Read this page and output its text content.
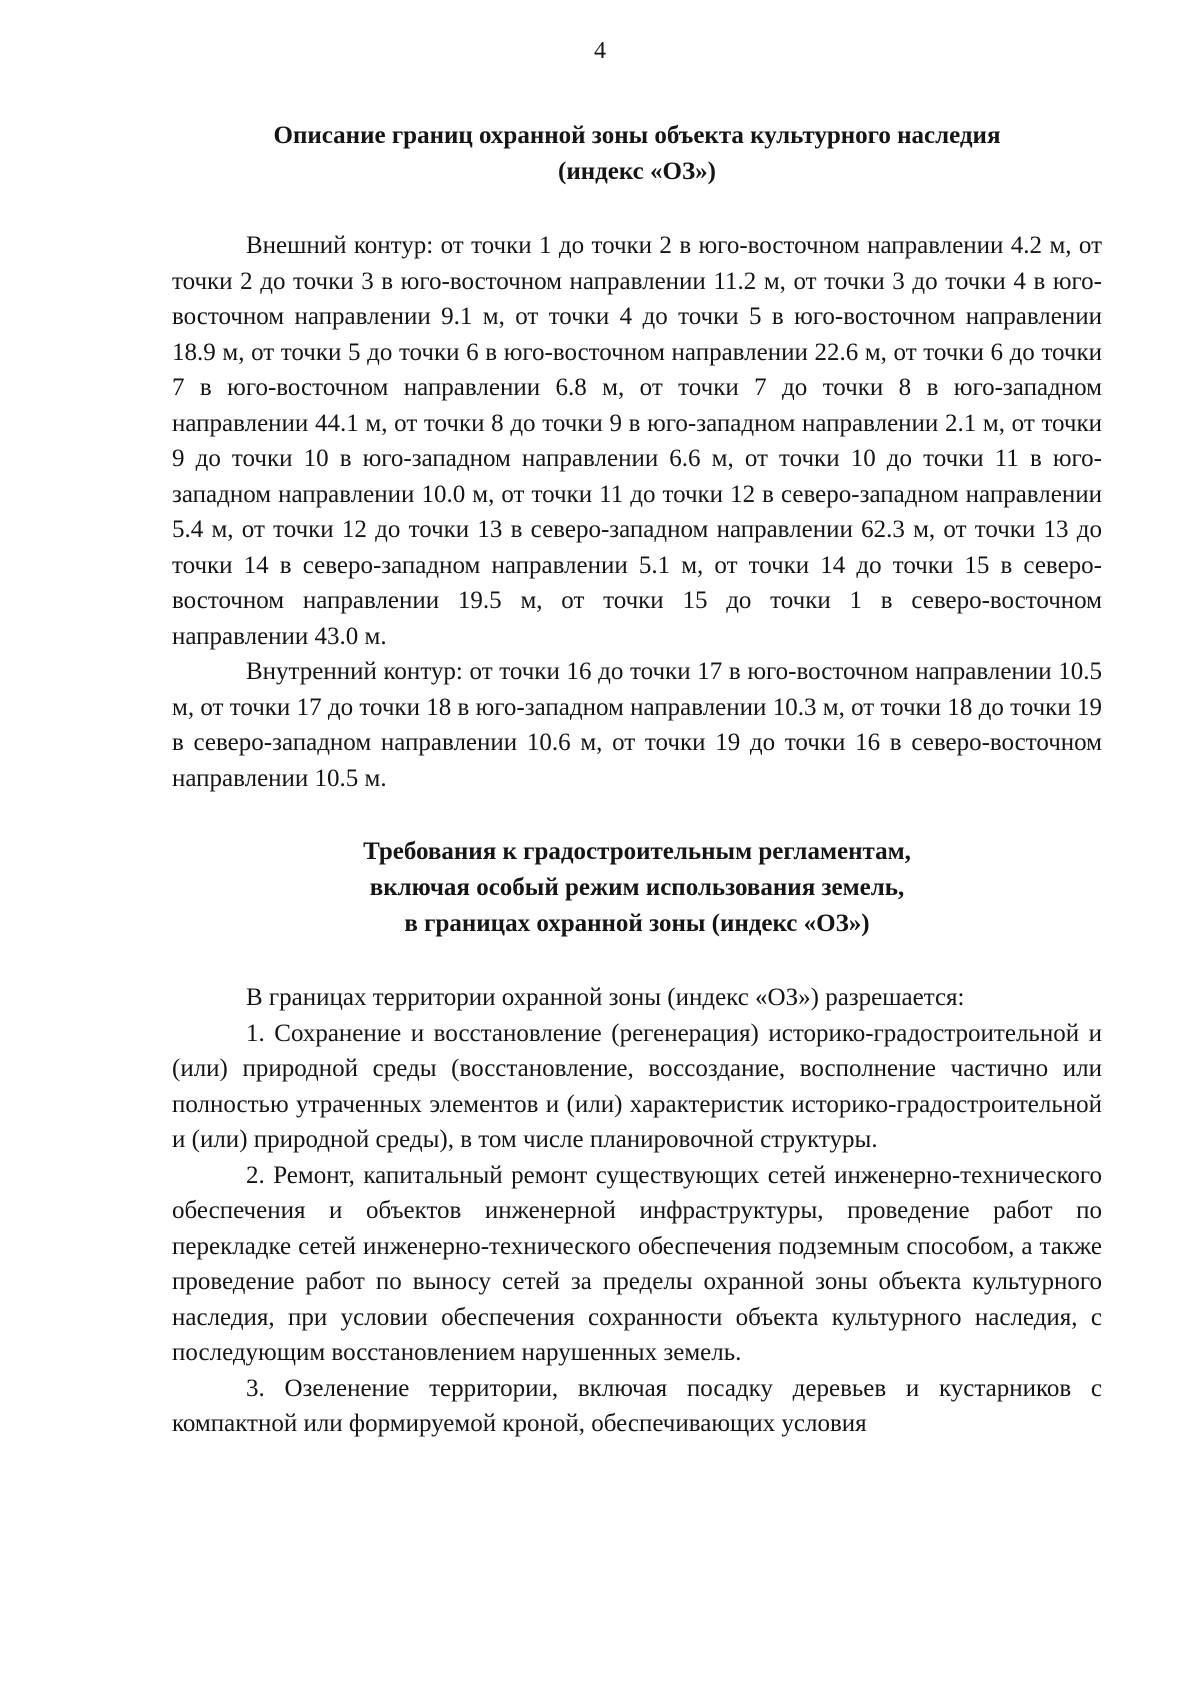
4
Описание границ охранной зоны объекта культурного наследия
(индекс «ОЗ»)

Внешний контур: от точки 1 до точки 2 в юго-восточном направлении 4.2 м, от точки 2 до точки 3 в юго-восточном направлении 11.2 м, от точки 3 до точки 4 в юго-восточном направлении 9.1 м, от точки 4 до точки 5 в юго-восточном направлении 18.9 м, от точки 5 до точки 6 в юго-восточном направлении 22.6 м, от точки 6 до точки 7 в юго-восточном направлении 6.8 м, от точки 7 до точки 8 в юго-западном направлении 44.1 м, от точки 8 до точки 9 в юго-западном направлении 2.1 м, от точки 9 до точки 10 в юго-западном направлении 6.6 м, от точки 10 до точки 11 в юго-западном направлении 10.0 м, от точки 11 до точки 12 в северо-западном направлении 5.4 м, от точки 12 до точки 13 в северо-западном направлении 62.3 м, от точки 13 до точки 14 в северо-западном направлении 5.1 м, от точки 14 до точки 15 в северо-восточном направлении 19.5 м, от точки 15 до точки 1 в северо-восточном направлении 43.0 м.

Внутренний контур: от точки 16 до точки 17 в юго-восточном направлении 10.5 м, от точки 17 до точки 18 в юго-западном направлении 10.3 м, от точки 18 до точки 19 в северо-западном направлении 10.6 м, от точки 19 до точки 16 в северо-восточном направлении 10.5 м.

Требования к градостроительным регламентам,
включая особый режим использования земель,
в границах охранной зоны (индекс «ОЗ»)

В границах территории охранной зоны (индекс «ОЗ») разрешается:

1. Сохранение и восстановление (регенерация) историко-градостроительной и (или) природной среды (восстановление, воссоздание, восполнение частично или полностью утраченных элементов и (или) характеристик историко-градостроительной и (или) природной среды), в том числе планировочной структуры.

2. Ремонт, капитальный ремонт существующих сетей инженерно-технического обеспечения и объектов инженерной инфраструктуры, проведение работ по перекладке сетей инженерно-технического обеспечения подземным способом, а также проведение работ по выносу сетей за пределы охранной зоны объекта культурного наследия, при условии обеспечения сохранности объекта культурного наследия, с последующим восстановлением нарушенных земель.

3. Озеленение территории, включая посадку деревьев и кустарников с компактной или формируемой кроной, обеспечивающих условия
